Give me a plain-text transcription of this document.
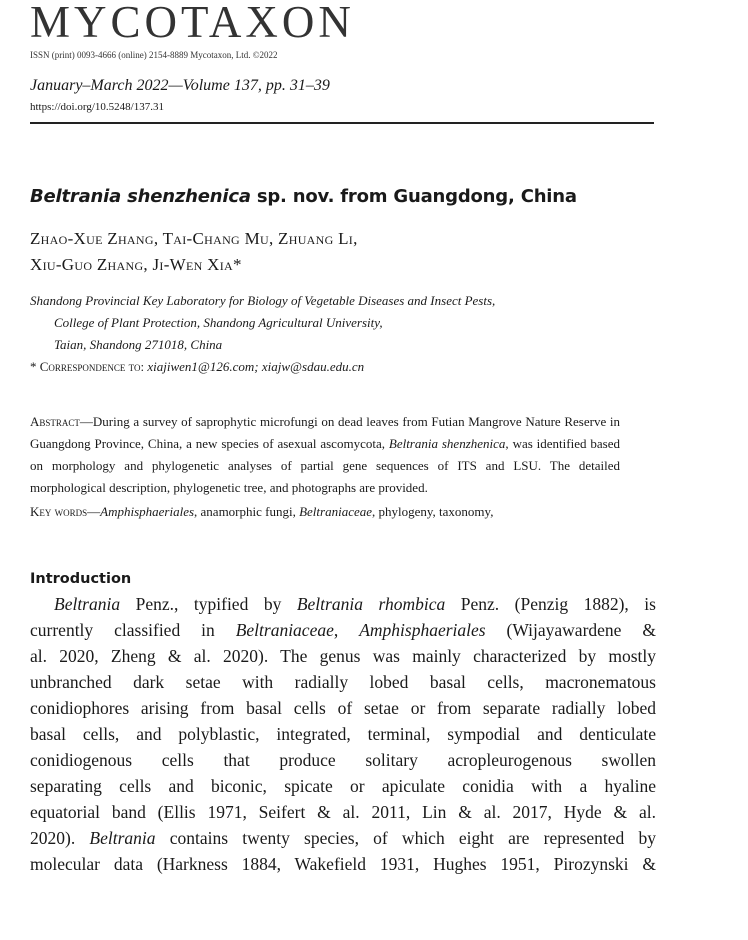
MYCOTAXON
ISSN (print) 0093-4666 (online) 2154-8889 Mycotaxon, Ltd. ©2022
January–March 2022—Volume 137, pp. 31–39
https://doi.org/10.5248/137.31
Beltrania shenzhenica sp. nov. from Guangdong, China
Zhao-Xue Zhang, Tai-Chang Mu, Zhuang Li,
Xiu-Guo Zhang, Ji-Wen Xia*
Shandong Provincial Key Laboratory for Biology of Vegetable Diseases and Insect Pests,
College of Plant Protection, Shandong Agricultural University,
Taian, Shandong 271018, China
* Correspondence to: xiajiwen1@126.com; xiajw@sdau.edu.cn
Abstract—During a survey of saprophytic microfungi on dead leaves from Futian Mangrove Nature Reserve in Guangdong Province, China, a new species of asexual ascomycota, Beltrania shenzhenica, was identified based on morphology and phylogenetic analyses of partial gene sequences of ITS and LSU. The detailed morphological description, phylogenetic tree, and photographs are provided.
Key words—Amphisphaeriales, anamorphic fungi, Beltraniaceae, phylogeny, taxonomy,
Introduction

Beltrania Penz., typified by Beltrania rhombica Penz. (Penzig 1882), is

currently classified in Beltraniaceae, Amphisphaeriales (Wijayawardene &

al. 2020, Zheng & al. 2020). The genus was mainly characterized by mostly

unbranched dark setae with radially lobed basal cells, macronematous

conidiophores arising from basal cells of setae or from separate radially lobed

basal cells, and polyblastic, integrated, terminal, sympodial and denticulate

conidiogenous cells that produce solitary acropleurogenous swollen

separating cells and biconic, spicate or apiculate conidia with a hyaline

equatorial band (Ellis 1971, Seifert & al. 2011, Lin & al. 2017, Hyde & al.

2020). Beltrania contains twenty species, of which eight are represented by

molecular data (Harkness 1884, Wakefield 1931, Hughes 1951, Pirozynski &
